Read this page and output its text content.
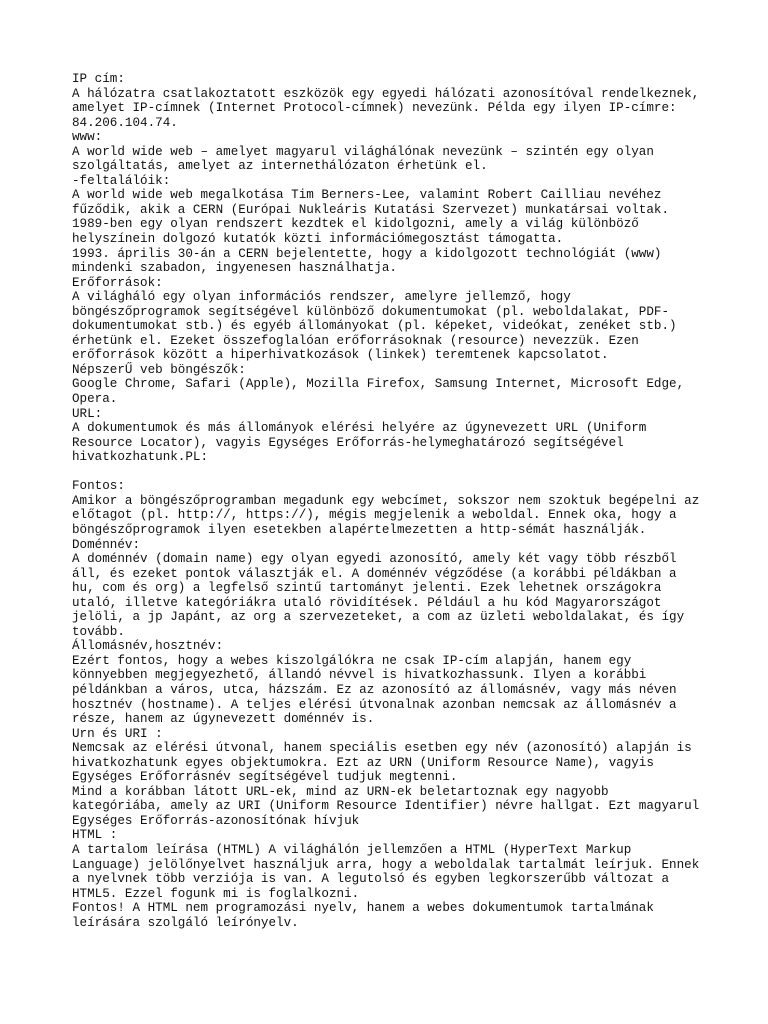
IP cím:
A hálózatra csatlakoztatott eszközök egy egyedi hálózati azonosítóval rendelkeznek,
amelyet IP-címnek (Internet Protocol-címnek) nevezünk. Példa egy ilyen IP-címre:
84.206.104.74.
www:
A world wide web – amelyet magyarul világhálónak nevezünk – szintén egy olyan
szolgáltatás, amelyet az internethálózaton érhetünk el.
-feltalálóik:
A world wide web megalkotása Tim Berners-Lee, valamint Robert Cailliau nevéhez
fűződik, akik a CERN (Európai Nukleáris Kutatási Szervezet) munkatársai voltak.
1989-ben egy olyan rendszert kezdtek el kidolgozni, amely a világ különböző
helyszínein dolgozó kutatók közti információmegosztást támogatta.
1993. április 30-án a CERN bejelentette, hogy a kidolgozott technológiát (www)
mindenki szabadon, ingyenesen használhatja.
Erőforrások:
A világháló egy olyan információs rendszer, amelyre jellemző, hogy
böngészőprogramok segítségével különböző dokumentumokat (pl. weboldalakat, PDF-
dokumentumokat stb.) és egyéb állományokat (pl. képeket, videókat, zenéket stb.)
érhetünk el. Ezeket összefoglalóan erőforrásoknak (resource) nevezzük. Ezen
erőforrások között a hiperhivatkozások (linkek) teremtenek kapcsolatot.
NépszerŰ veb böngészők:
Google Chrome, Safari (Apple), Mozilla Firefox, Samsung Internet, Microsoft Edge,
Opera.
URL:
A dokumentumok és más állományok elérési helyére az úgynevezett URL (Uniform
Resource Locator), vagyis Egységes Erőforrás-helymeghatározó segítségével
hivatkozhatunk.PL:
Fontos:
Amikor a böngészőprogramban megadunk egy webcímet, sokszor nem szoktuk begépelni az
előtagot (pl. http://, https://), mégis megjelenik a weboldal. Ennek oka, hogy a
böngészőprogramok ilyen esetekben alapértelmezetten a http-sémát használják.
Doménnév:
A doménnév (domain name) egy olyan egyedi azonosító, amely két vagy több részből
áll, és ezeket pontok választják el. A doménnév végződése (a korábbi példákban a
hu, com és org) a legfelső szintű tartományt jelenti. Ezek lehetnek országokra
utaló, illetve kategóriákra utaló rövidítések. Például a hu kód Magyarországot
jelöli, a jp Japánt, az org a szervezeteket, a com az üzleti weboldalakat, és így
tovább.
Állomásnév,hosztnév:
Ezért fontos, hogy a webes kiszolgálókra ne csak IP-cím alapján, hanem egy
könnyebben megjegyezhető, állandó névvel is hivatkozhassunk. Ilyen a korábbi
példánkban a város, utca, házszám. Ez az azonosító az állomásnév, vagy más néven
hosztnév (hostname). A teljes elérési útvonalnak azonban nemcsak az állomásnév a
része, hanem az úgynevezett doménnév is.
Urn és URI :
Nemcsak az elérési útvonal, hanem speciális esetben egy név (azonosító) alapján is
hivatkozhatunk egyes objektumokra. Ezt az URN (Uniform Resource Name), vagyis
Egységes Erőforrásnév segítségével tudjuk megtenni.
Mind a korábban látott URL-ek, mind az URN-ek beletartoznak egy nagyobb
kategóriába, amely az URI (Uniform Resource Identifier) névre hallgat. Ezt magyarul
Egységes Erőforrás-azonosítónak hívjuk
HTML :
A tartalom leírása (HTML) A világhálón jellemzően a HTML (HyperText Markup
Language) jelölőnyelvet használjuk arra, hogy a weboldalak tartalmát leírjuk. Ennek
a nyelvnek több verziója is van. A legutolsó és egyben legkorszerűbb változat a
HTML5. Ezzel fogunk mi is foglalkozni.
Fontos! A HTML nem programozási nyelv, hanem a webes dokumentumok tartalmának
leírására szolgáló leírónyelv.
